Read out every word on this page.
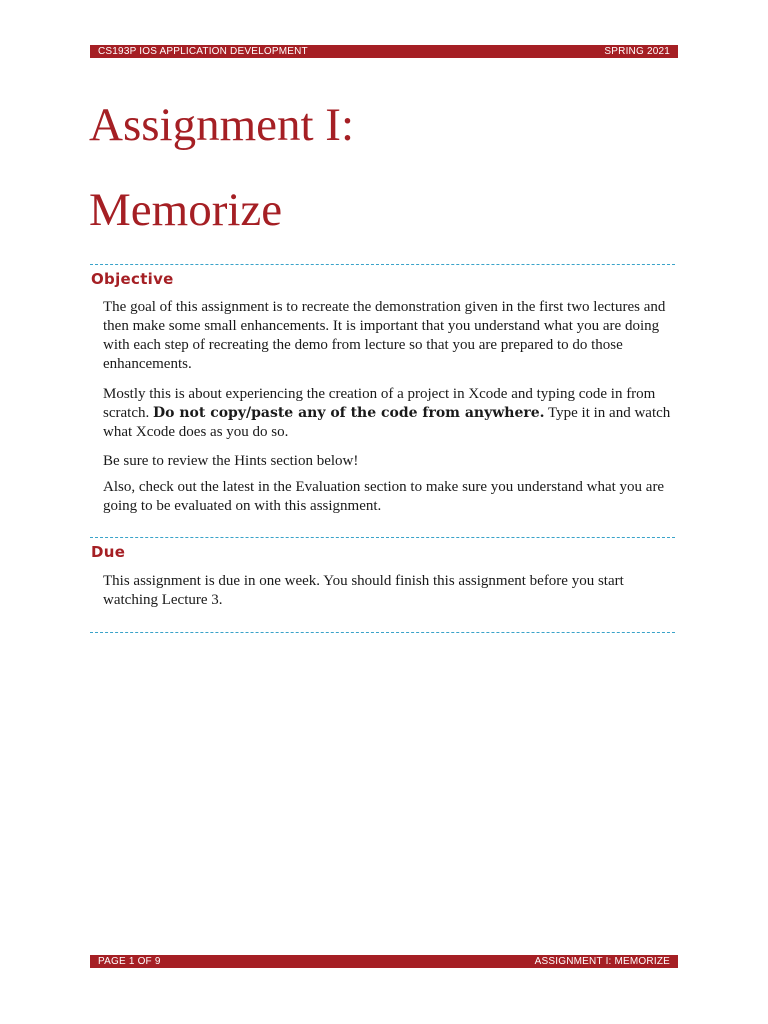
CS193P IOS APPLICATION DEVELOPMENT	SPRING 2021
Assignment I:
Memorize
Objective

The goal of this assignment is to recreate the demonstration given in the first two lectures and then make some small enhancements. It is important that you understand what you are doing with each step of recreating the demo from lecture so that you are prepared to do those enhancements.

Mostly this is about experiencing the creation of a project in Xcode and typing code in from scratch. Do not copy/paste any of the code from anywhere. Type it in and watch what Xcode does as you do so.

Be sure to review the Hints section below!

Also, check out the latest in the Evaluation section to make sure you understand what you are going to be evaluated on with this assignment.

Due

This assignment is due in one week. You should finish this assignment before you start watching Lecture 3.

PAGE 1 OF 9	ASSIGNMENT I: MEMORIZE
